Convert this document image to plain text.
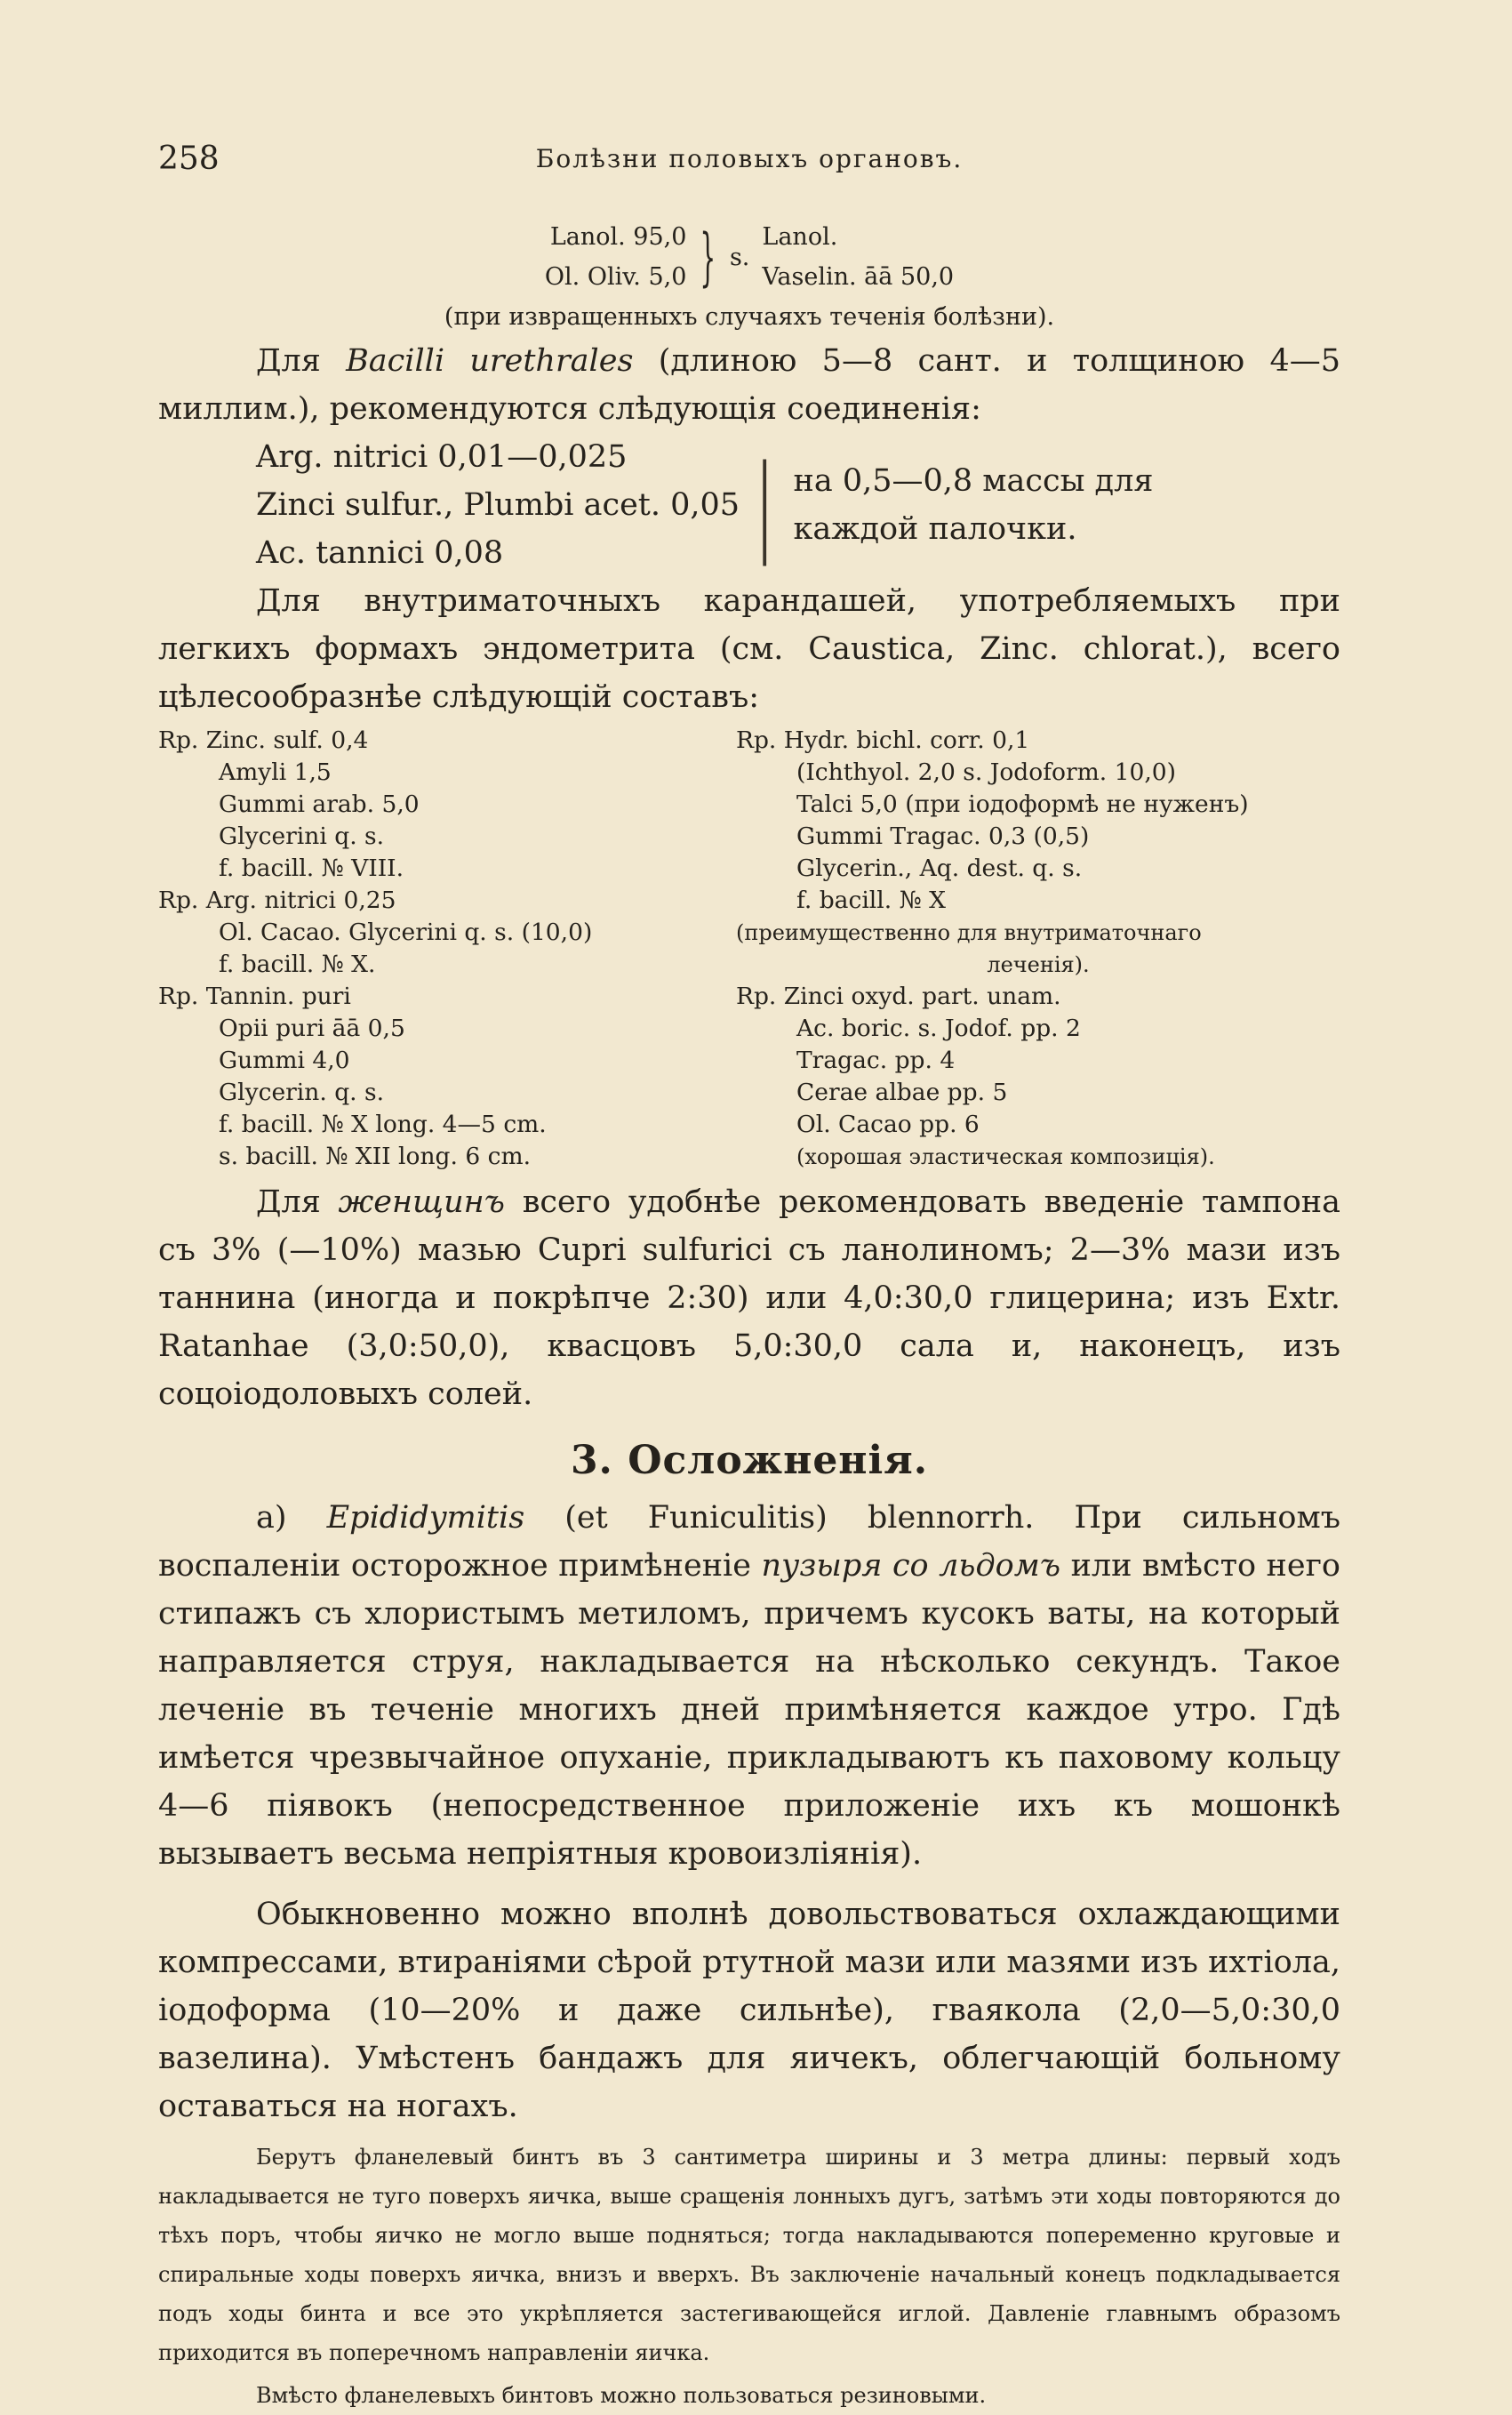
258	Болѣзни половыхъ органовъ.
Lanol. 95,0
Ol. Oliv. 5,0 } s.
Lanol.
Vaselin. āā 50,0
(при извращенныхъ случаяхъ теченія болѣзни).

Для Bacilli urethrales (длиною 5—8 сант. и толщиною 4—5 миллим.), рекомендуются слѣдующія соединенія:

Arg. nitrici 0,01—0,025
Zinci sulfur., Plumbi acet. 0,05
Ac. tannici 0,08	| на 0,5—0,8 массы для
каждой палочки.

Для внутриматочныхъ карандашей, употребляемыхъ при легкихъ формахъ эндометрита (см. Caustica, Zinc. chlorat.), всего цѣлесообразнѣе слѣдующій составъ:

Rp. Zinc. sulf. 0,4
Amyli 1,5
Gummi arab. 5,0
Glycerini q. s.
f. bacill. № VIII.
Rp. Arg. nitrici 0,25
Ol. Cacao. Glycerini q. s. (10,0)
f. bacill. № X.
Rp. Tannin. puri
Opii puri āā 0,5
Gummi 4,0
Glycerin. q. s.
f. bacill. № X long. 4—5 cm.
s. bacill. № XII long. 6 cm.
Rp. Hydr. bichl. corr. 0,1
(Ichthyol. 2,0 s. Jodoform. 10,0)
Talci 5,0 (при іодоформѣ не нуженъ)
Gummi Tragac. 0,3 (0,5)
Glycerin., Aq. dest. q. s.
f. bacill. № X
(преимущественно для внутриматочнаго
леченія).
Rp. Zinci oxyd. part. unam.
Ac. boric. s. Jodof. pp. 2
Tragac. pp. 4
Cerae albae pp. 5
Ol. Cacao pp. 6
(хорошая эластическая композиція).

Для женщинъ всего удобнѣе рекомендовать введеніе тампона съ 3% (—10%) мазью Cupri sulfurici съ ланолиномъ; 2—3% мази изъ таннина (иногда и покрѣпче 2:30) или 4,0:30,0 глицерина; изъ Extr. Ratanhae (3,0:50,0), квасцовъ 5,0:30,0 сала и, наконецъ, изъ соцоіодоловыхъ солей.

3. Осложненія.

a) Epididymitis (et Funiculitis) blennorrh. При сильномъ воспаленіи осторожное примѣненіе пузыря со льдомъ или вмѣсто него стипажъ съ хлористымъ метиломъ, причемъ кусокъ ваты, на который направляется струя, накладывается на нѣсколько секундъ. Такое леченіе въ теченіе многихъ дней примѣняется каждое утро. Гдѣ имѣется чрезвычайное опуханіе, прикладываютъ къ паховому кольцу 4—6 піявокъ (непосредственное приложеніе ихъ къ мошонкѣ вызываетъ весьма непріятныя кровоизліянія).

Обыкновенно можно вполнѣ довольствоваться охлаждающими компрессами, втираніями сѣрой ртутной мази или мазями изъ ихтіола, іодоформа (10—20% и даже сильнѣе), гваякола (2,0—5,0:30,0 вазелина). Умѣстенъ бандажъ для яичекъ, облегчающій больному оставаться на ногахъ.

Берутъ фланелевый бинтъ въ 3 сантиметра ширины и 3 метра длины: первый ходъ накладывается не туго поверхъ яичка, выше сращенія лонныхъ дугъ, затѣмъ эти ходы повторяются до тѣхъ поръ, чтобы яичко не могло выше подняться; тогда накладываются попеременно круговые и спиральные ходы поверхъ яичка, внизъ и вверхъ. Въ заключеніе начальный конецъ подкладывается подъ ходы бинта и все это укрѣпляется застегивающейся иглой. Давленіе главнымъ образомъ приходится въ поперечномъ направленіи яичка.

Вмѣсто фланелевыхъ бинтовъ можно пользоваться резиновыми.
